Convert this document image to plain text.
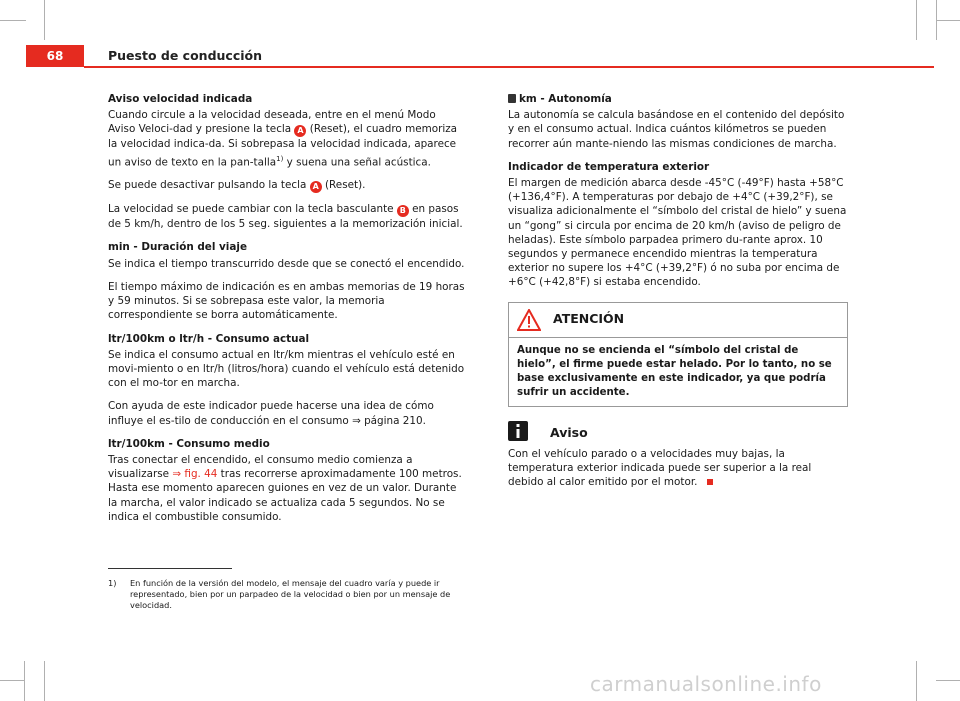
68	Puesto de conducción
Aviso velocidad indicada

Cuando circule a la velocidad deseada, entre en el menú Modo Aviso Veloci-dad y presione la tecla A (Reset), el cuadro memoriza la velocidad indica-da. Si sobrepasa la velocidad indicada, aparece un aviso de texto en la pan-talla$^{1)}$ y suena una señal acústica.

Se puede desactivar pulsando la tecla A (Reset).

La velocidad se puede cambiar con la tecla basculante B en pasos de 5 km/h, dentro de los 5 seg. siguientes a la memorización inicial.

min - Duración del viaje

Se indica el tiempo transcurrido desde que se conectó el encendido.

El tiempo máximo de indicación es en ambas memorias de 19 horas y 59 minutos. Si se sobrepasa este valor, la memoria correspondiente se borra automáticamente.

ltr/100km o ltr/h - Consumo actual

Se indica el consumo actual en ltr/km mientras el vehículo esté en movi-miento o en ltr/h (litros/hora) cuando el vehículo está detenido con el mo-tor en marcha.

Con ayuda de este indicador puede hacerse una idea de cómo influye el es-tilo de conducción en el consumo ⇒ página 210.

ltr/100km - Consumo medio

Tras conectar el encendido, el consumo medio comienza a visualizarse ⇒ fig. 44 tras recorrerse aproximadamente 100 metros. Hasta ese momento aparecen guiones en vez de un valor. Durante la marcha, el valor indicado se actualiza cada 5 segundos. No se indica el combustible consumido.

km - Autonomía

La autonomía se calcula basándose en el contenido del depósito y en el consumo actual. Indica cuántos kilómetros se pueden recorrer aún mante-niendo las mismas condiciones de marcha.

Indicador de temperatura exterior

El margen de medición abarca desde -45°C (-49°F) hasta +58°C (+136,4°F). A temperaturas por debajo de +4°C (+39,2°F), se visualiza adicionalmente el “símbolo del cristal de hielo” y suena un “gong” si circula por encima de 20 km/h (aviso de peligro de heladas). Este símbolo parpadea primero du-rante aprox. 10 segundos y permanece encendido mientras la temperatura exterior no supere los +4°C (+39,2°F) ó no suba por encima de +6°C (+42,8°F) si estaba encendido.

ATENCIÓN
Aunque no se encienda el “símbolo del cristal de hielo”, el firme puede estar helado. Por lo tanto, no se base exclusivamente en este indicador, ya que podría sufrir un accidente.
Aviso

Con el vehículo parado o a velocidades muy bajas, la temperatura exterior indicada puede ser superior a la real debido al calor emitido por el motor.

1) En función de la versión del modelo, el mensaje del cuadro varía y puede ir representado, bien por un parpadeo de la velocidad o bien por un mensaje de velocidad.
carmanualsonline.info
